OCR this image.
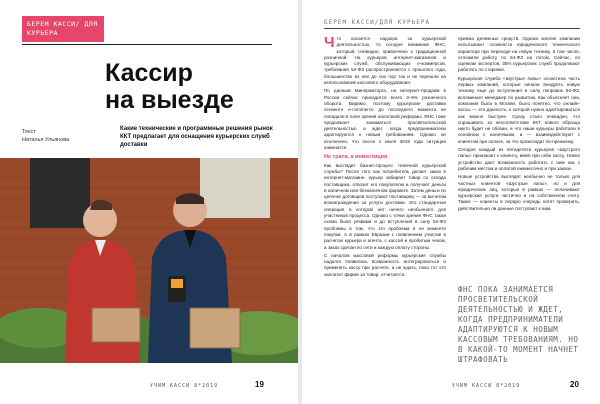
БЕРЕМ КАССИ/ ДЛЯ КУРЬЕРА
Кассир
на выезде
Текст
Наталья Ульянова
Какие технические и программные решения рынок ККТ предлагает для оснащения курьерских служб доставки
УЧИМ КАССИ 8*2019	19
БЕРЕМ КАССИ/ДЛЯ КУРЬЕРА

Что касается надзора за курьерской деятельностью, то сегодня внимание ФНС, который, очевидно, привлечено к традиционной розничной. На курьеров интернет-магазинов и курьерских служб, обслуживающих е-коммерсов, требования 54-ФЗ распространяются с прошлого года, большинство из них до сих пор так и не перешли на использование кассового оборудования.

По данным Минпромторга, на интернет-продажи в России сейчас приходится всего 3–8% розничного оборота. Видимо, поэтому курьерские доставки сегменте е-commerce до последнего момента не попадали в поле зрения налоговой реформы. ФНС тоже продолжает заниматься просветительской деятельностью и ждет, когда предприниматели адаптируются к новым требованиям. Однако не исключено, что после 1 июля 2019 года ситуация изменится.

Не трата, а инвестиция

Как выглядит бизнес-процесс типичной курьерской службы? После того как потребитель делает заказ в интернет-магазине, курьер забирает товар со склада поставщика, отвозит его покупателю и получает деньги в наличном или безналичном формате. Затем деньги по цепочке договоров поступают поставщику — за вычетом вознаграждения за услуги доставки. Это стандартная операция в которой нет ничего необычного для участников процесса. Однако с точки зрения ФНС такая схема была уязвима и до вступления в силу 54-ФЗ проблемы в том, что это проблема в ее моменте покупки. А в рамках Евразии с появлением участие в расчетах курьера и агента, с кассой и пробитым чеком, а заказ сделан по сети и каждую оплату стороны.

С началом массовой реформы курьерские службы надолго появилась возможность интегрироваться и применять кассу при расчете, а не ждать, пока тот кто заплатит фирме за товар, отчитается.

приема денежных средств. Однако многие компании испытывают сложности юридического технического характера при переходе на новую технику, в том числе, отложили работу по 54-ФЗ на потом. Сейчас, по оценкам экспертов, 35% курьерских служб продолжают работать по старинке.

Курьерская служба «Шустрые лапы» оснастила часть первых компаний, которые начали внедрять новую технику еще до вступления в силу поправок 54-ФЗ, вспоминает менеджер по развитию. Как объясняет она, компания была в Москве, было понятно, что онлайн-кассы — это данность, к которой нужно адаптироваться как можно быстрее. Сразу стало очевидно, что спрашивать за несоответствие ККТ нового образца никто будет не обязан, и что наши курьеры работали в основном с наличными, и — взаимодействуют с клиентом при оплате, за что происходит по-прежнему.

Сегодня каждый из пятидесяти курьеров «Шустрого лапы» приезжает к клиенту, имея при себе кассу. Новое устройство дает возможность работать с ним как с рабочим местом и оплатой ежемесячно и при заказе.

Новые устройства выглядят необычно не только для частных клиентов «Шустрые лапы», но и для юридических лиц, которые в рамках — оплачивают курьерские услуги частично и на собственном счету. Также — клиенты в первую очередь хотят проверить, действительно ли данные поступают к ним.

ФНС ПОКА ЗАНИМАЕТСЯ ПРОСВЕТИТЕЛЬСКОЙ ДЕЯТЕЛЬНОСТЬЮ И ЖДЕТ, КОГДА ПРЕДПРИНИМАТЕЛИ АДАПТИРУЮТСЯ К НОВЫМ КАССОВЫМ ТРЕБОВАНИЯМ. НО В КАКОЙ-ТО МОМЕНТ НАЧНЕТ ШТРАФОВАТЬ
УЧИМ КАССИ 8*2019	20
